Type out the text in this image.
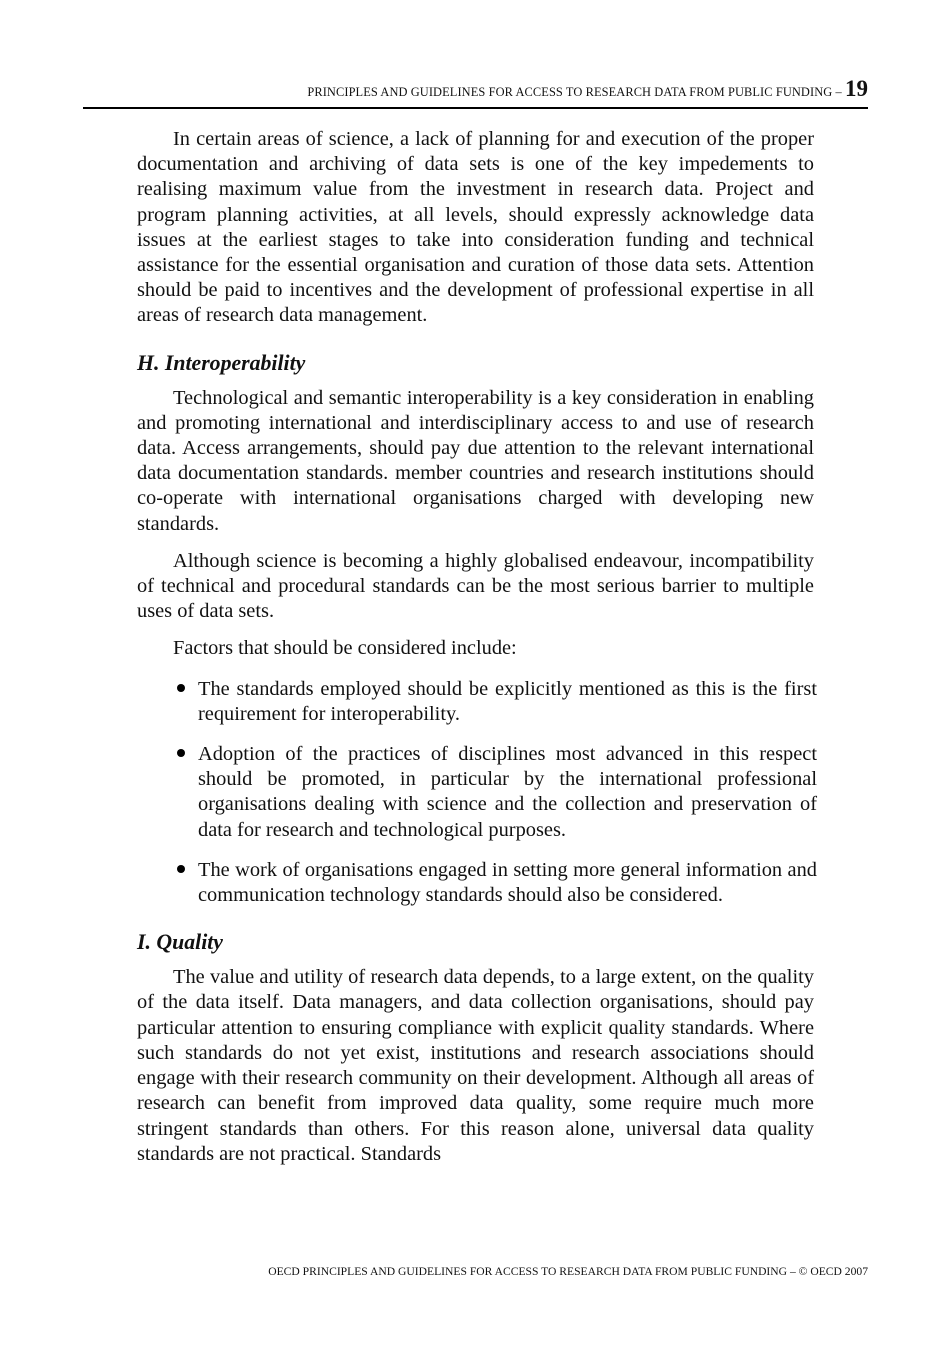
PRINCIPLES AND GUIDELINES FOR ACCESS TO RESEARCH DATA FROM PUBLIC FUNDING – 19

In certain areas of science, a lack of planning for and execution of the proper documentation and archiving of data sets is one of the key impedements to realising maximum value from the investment in research data. Project and program planning activities, at all levels, should expressly acknowledge data issues at the earliest stages to take into consideration funding and technical assistance for the essential organisation and curation of those data sets. Attention should be paid to incentives and the development of professional expertise in all areas of research data management.

H. Interoperability

Technological and semantic interoperability is a key consideration in enabling and promoting international and interdisciplinary access to and use of research data. Access arrangements, should pay due attention to the relevant international data documentation standards. member countries and research institutions should co-operate with international organisations charged with developing new standards.

Although science is becoming a highly globalised endeavour, incompatibility of technical and procedural standards can be the most serious barrier to multiple uses of data sets.

Factors that should be considered include:

The standards employed should be explicitly mentioned as this is the first requirement for interoperability.
Adoption of the practices of disciplines most advanced in this respect should be promoted, in particular by the international professional organisations dealing with science and the collection and preservation of data for research and technological purposes.
The work of organisations engaged in setting more general information and communication technology standards should also be considered.
I. Quality

The value and utility of research data depends, to a large extent, on the quality of the data itself. Data managers, and data collection organisations, should pay particular attention to ensuring compliance with explicit quality standards. Where such standards do not yet exist, institutions and research associations should engage with their research community on their development. Although all areas of research can benefit from improved data quality, some require much more stringent standards than others. For this reason alone, universal data quality standards are not practical. Standards

OECD PRINCIPLES AND GUIDELINES FOR ACCESS TO RESEARCH DATA FROM PUBLIC FUNDING – © OECD 2007
